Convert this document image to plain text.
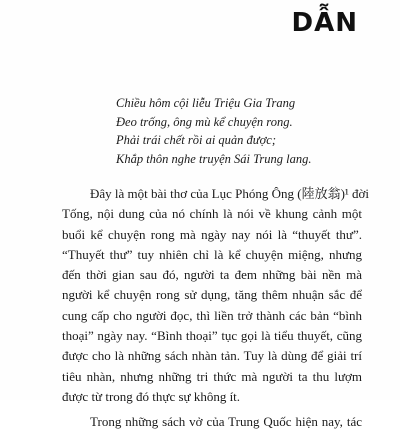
DẪN
Chiều hôm cội liễu Triệu Gia Trang
Đeo trống, ông mù kể chuyện rong.
Phải trái chết rồi ai quản được;
Khắp thôn nghe truyện Sái Trung lang.
Đây là một bài thơ của Lục Phóng Ông (陸放翁)¹ đời
Tống, nội dung của nó chính là nói về khung cảnh một
buổi kể chuyện rong mà ngày nay nói là “thuyết thư”.
“Thuyết thư” tuy nhiên chỉ là kể chuyện miệng, nhưng
đến thời gian sau đó, người ta đem những bài nền mà
người kể chuyện rong sử dụng, tăng thêm nhuận sắc để
cung cấp cho người đọc, thì liền trở thành các bản “bình
thoại” ngày nay. “Bình thoại” tục gọi là tiểu thuyết, cũng
được cho là những sách nhàn tản. Tuy là dùng để giải trí
tiêu nhàn, nhưng những tri thức mà người ta thu lượm
được từ trong đó thực sự không ít.
Trong những sách vở của Trung Quốc hiện nay, tác
